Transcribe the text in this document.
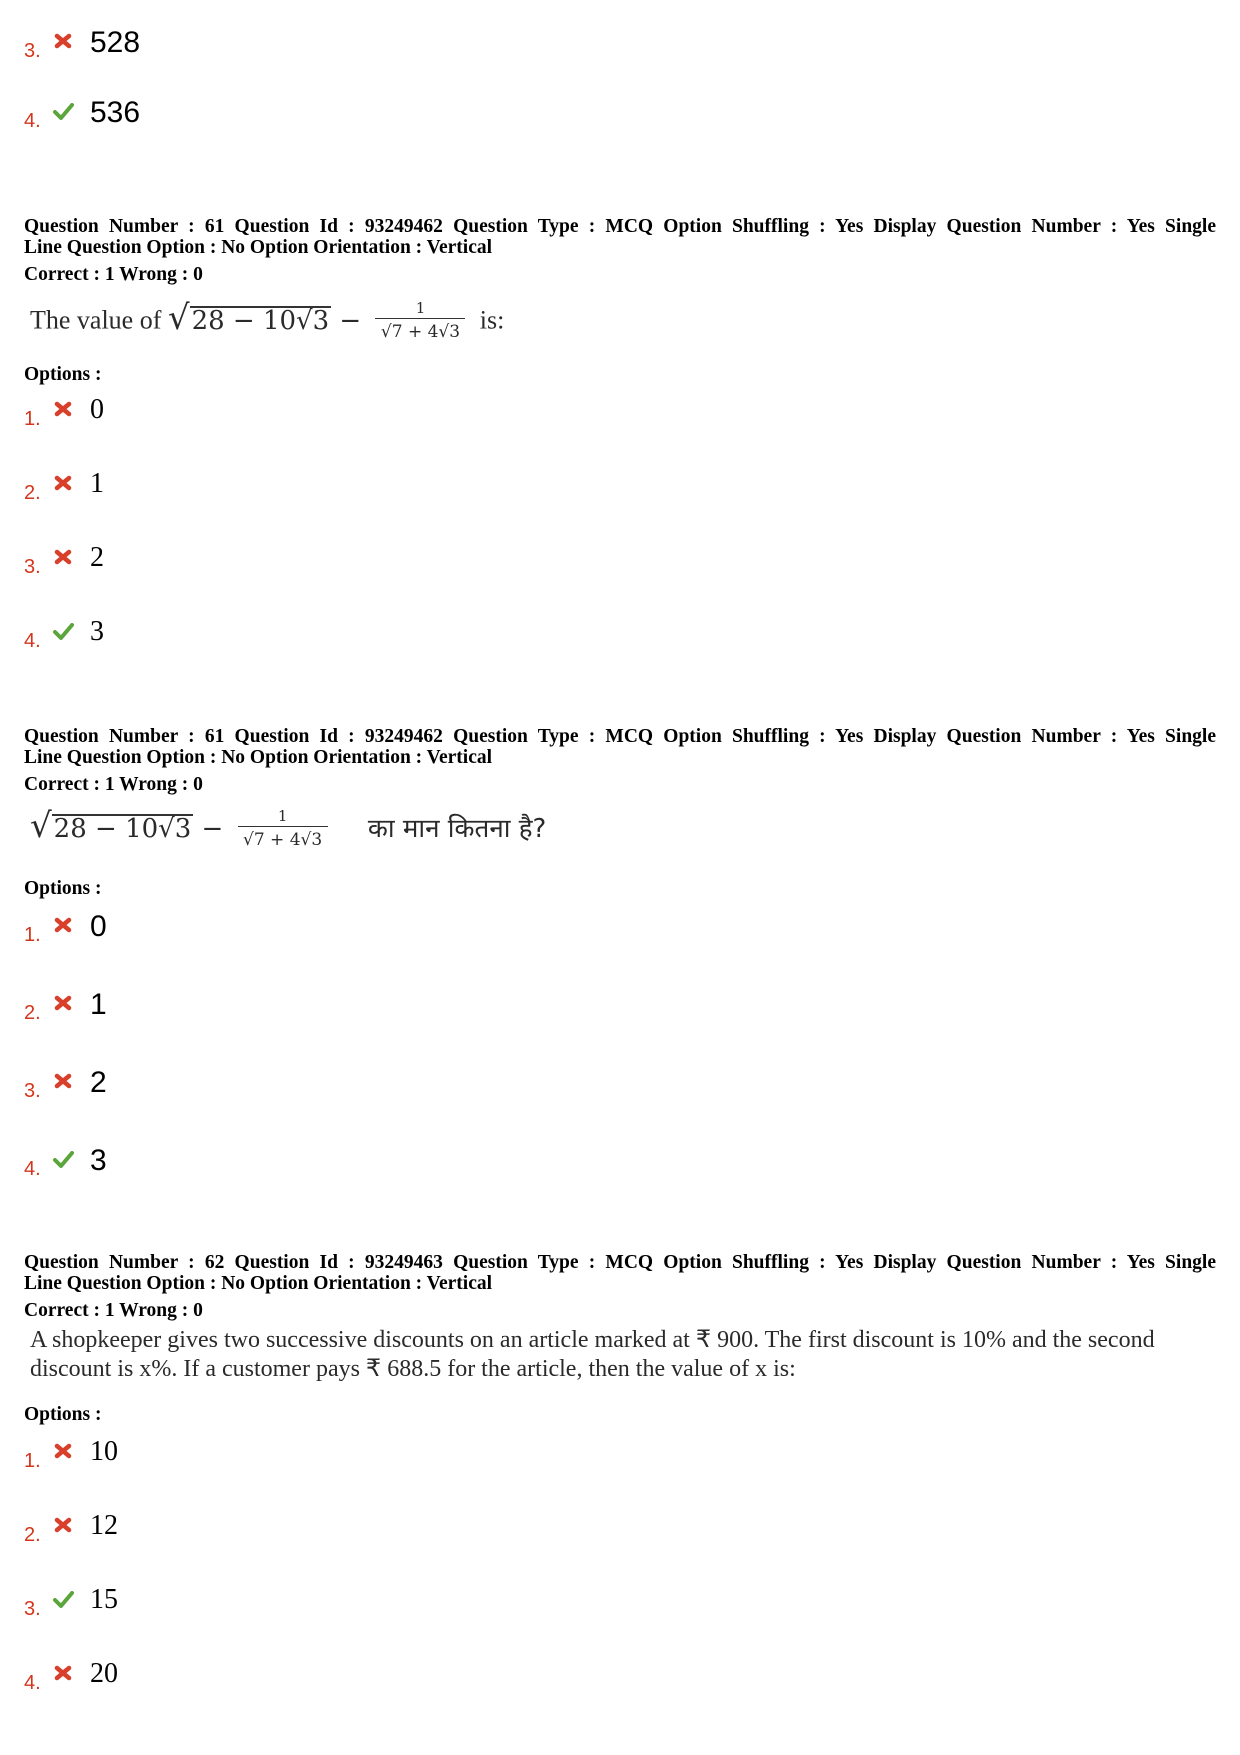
3. 528
4. 536
Question Number : 61 Question Id : 93249462 Question Type : MCQ Option Shuffling : Yes Display Question Number : Yes Single
Line Question Option : No Option Orientation : Vertical
Correct : 1 Wrong : 0
The value of $√28 - 10√3 - \frac{1}{√7 + 4√3}$ is:
Options :
1. 0
2. 1
3. 2
4. 3
Question Number : 61 Question Id : 93249462 Question Type : MCQ Option Shuffling : Yes Display Question Number : Yes Single
Line Question Option : No Option Orientation : Vertical
Correct : 1 Wrong : 0
$√28 - 10√3 - \frac{1}{√7 + 4√3}$ का मान कितना है?
Options :
1. 0
2. 1
3. 2
4. 3
Question Number : 62 Question Id : 93249463 Question Type : MCQ Option Shuffling : Yes Display Question Number : Yes Single
Line Question Option : No Option Orientation : Vertical
Correct : 1 Wrong : 0
A shopkeeper gives two successive discounts on an article marked at ₹ 900. The first discount is 10% and the second discount is x%. If a customer pays ₹ 688.5 for the article, then the value of x is:
Options :
1. 10
2. 12
3. 15
4. 20
